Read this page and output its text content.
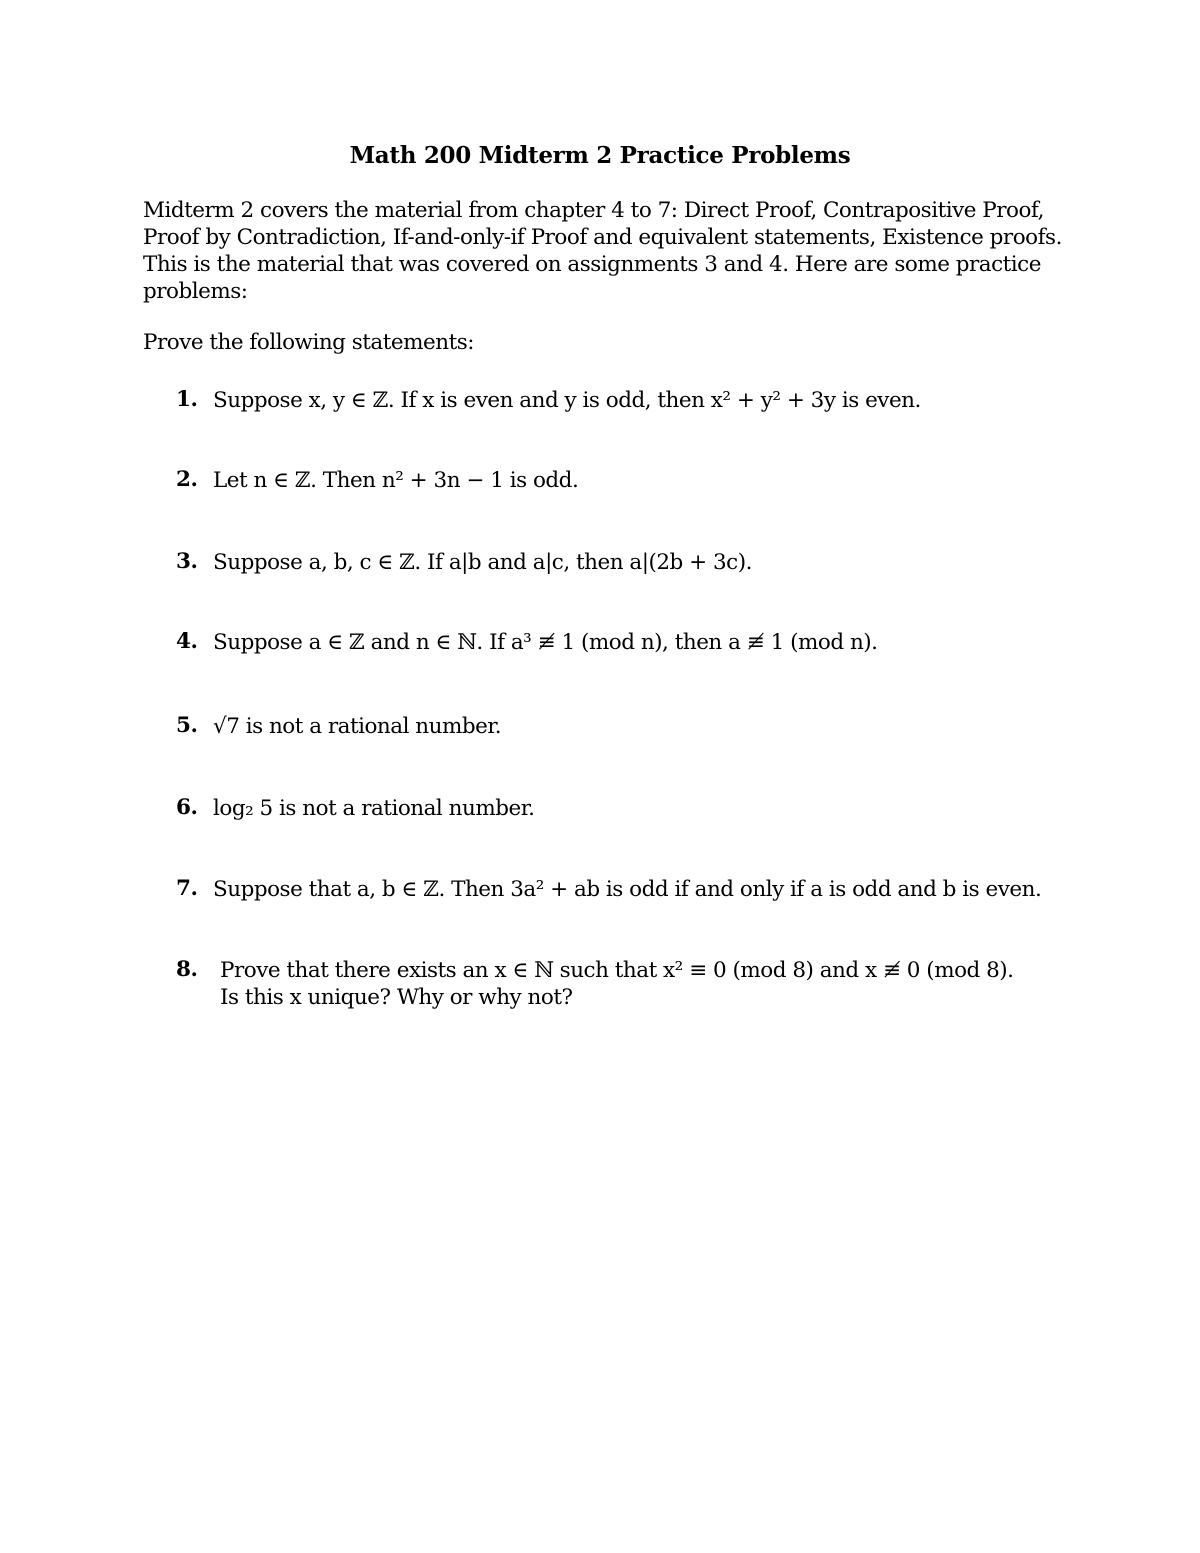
Math 200 Midterm 2 Practice Problems
Midterm 2 covers the material from chapter 4 to 7: Direct Proof, Contrapositive Proof, Proof by Contradiction, If-and-only-if Proof and equivalent statements, Existence proofs. This is the material that was covered on assignments 3 and 4. Here are some practice problems:
Prove the following statements:
1. Suppose x, y ∈ ℤ. If x is even and y is odd, then x² + y² + 3y is even.
2. Let n ∈ ℤ. Then n² + 3n − 1 is odd.
3. Suppose a, b, c ∈ ℤ. If a|b and a|c, then a|(2b + 3c).
4. Suppose a ∈ ℤ and n ∈ ℕ. If a³ ≢ 1 (mod n), then a ≢ 1 (mod n).
5. √7 is not a rational number.
6. log₂ 5 is not a rational number.
7. Suppose that a, b ∈ ℤ. Then 3a² + ab is odd if and only if a is odd and b is even.
8. Prove that there exists an x ∈ ℕ such that x² ≡ 0 (mod 8) and x ≢ 0 (mod 8).
Is this x unique? Why or why not?
